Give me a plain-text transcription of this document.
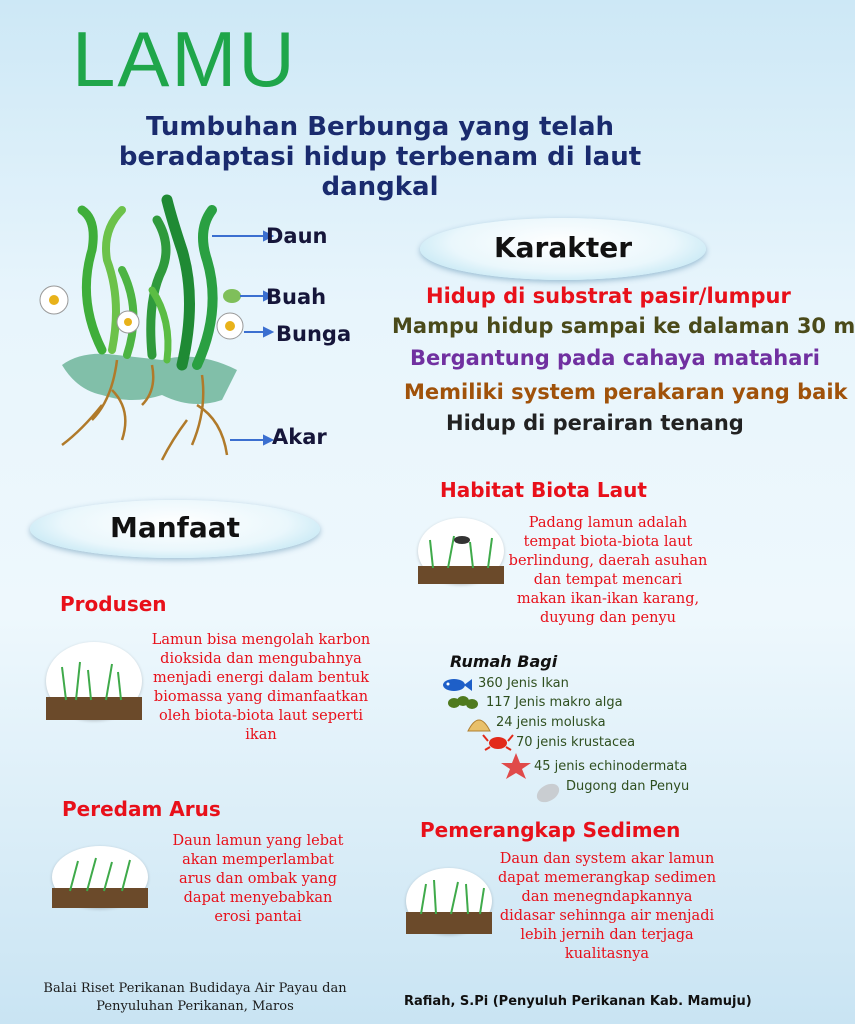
LAMU
Tumbuhan Berbunga yang telah beradaptasi hidup terbenam di laut dangkal
Daun
Buah
Bunga
Akar
Karakter
Hidup di substrat pasir/lumpur
Mampu hidup sampai ke dalaman 30 m
Bergantung pada cahaya matahari
Memiliki system perakaran yang baik
Hidup di perairan tenang
Manfaat
Produsen
Lamun bisa mengolah karbon dioksida dan mengubahnya menjadi energi dalam bentuk biomassa yang dimanfaatkan oleh biota-biota laut seperti ikan
Peredam Arus
Daun lamun yang lebat akan memperlambat arus dan ombak yang dapat menyebabkan erosi pantai
Habitat Biota Laut
Padang lamun adalah tempat biota-biota laut berlindung, daerah asuhan dan tempat mencari makan ikan-ikan karang, duyung dan penyu
Rumah Bagi
360 Jenis Ikan
117 Jenis makro alga
24 jenis moluska
70 jenis krustacea
45 jenis echinodermata
Dugong dan Penyu
Pemerangkap Sedimen
Daun dan system akar lamun dapat memerangkap sedimen dan menegndapkannya didasar sehinnga air menjadi lebih jernih dan terjaga kualitasnya
Balai Riset Perikanan Budidaya Air Payau dan Penyuluhan Perikanan, Maros	Rafiah, S.Pi (Penyuluh Perikanan Kab. Mamuju)
